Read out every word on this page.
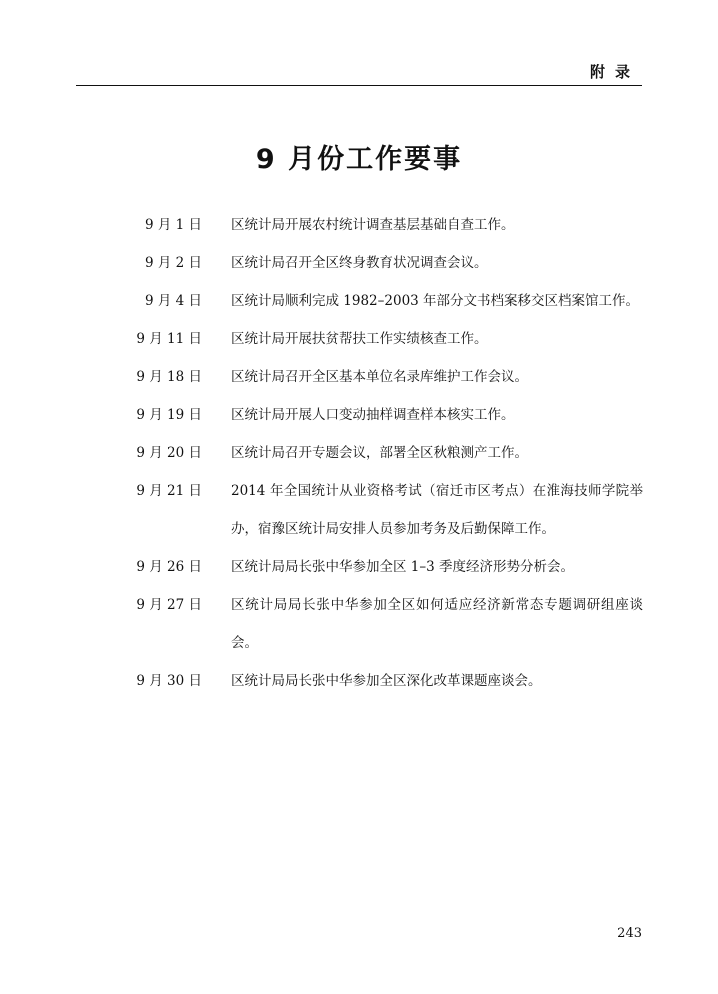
附录
9 月份工作要事
9 月 1 日 区统计局开展农村统计调查基层基础自查工作。
9 月 2 日 区统计局召开全区终身教育状况调查会议。
9 月 4 日 区统计局顺利完成 1982–2003 年部分文书档案移交区档案馆工作。
9 月 11 日 区统计局开展扶贫帮扶工作实绩核查工作。
9 月 18 日 区统计局召开全区基本单位名录库维护工作会议。
9 月 19 日 区统计局开展人口变动抽样调查样本核实工作。
9 月 20 日 区统计局召开专题会议，部署全区秋粮测产工作。
9 月 21 日 2014 年全国统计从业资格考试（宿迁市区考点）在淮海技师学院举办，宿豫区统计局安排人员参加考务及后勤保障工作。
9 月 26 日 区统计局局长张中华参加全区 1–3 季度经济形势分析会。
9 月 27 日 区统计局局长张中华参加全区如何适应经济新常态专题调研组座谈会。
9 月 30 日 区统计局局长张中华参加全区深化改革课题座谈会。
243
